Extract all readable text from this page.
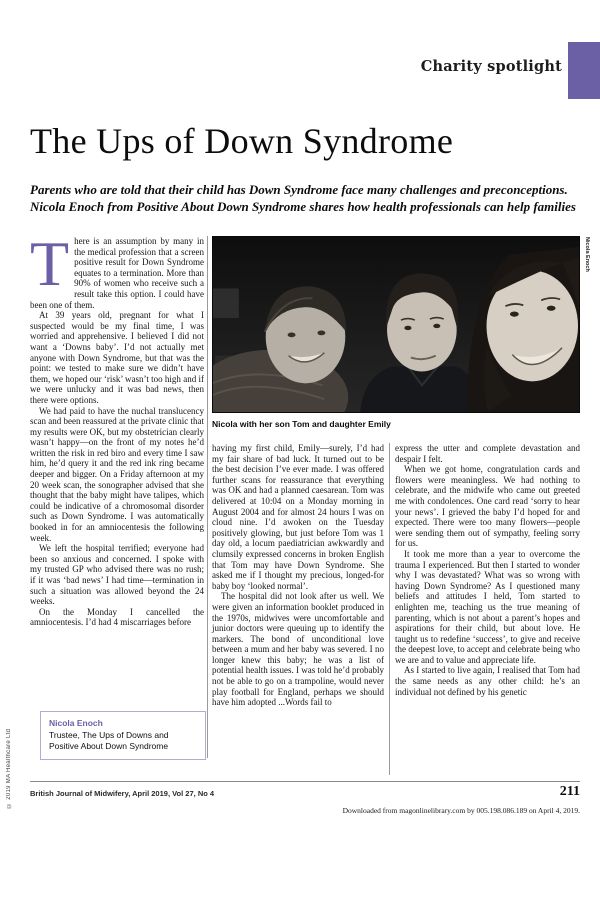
Charity spotlight
The Ups of Down Syndrome
Parents who are told that their child has Down Syndrome face many challenges and preconceptions. Nicola Enoch from Positive About Down Syndrome shares how health professionals can help families
© 2019 MA Healthcare Ltd
Nicola Enoch
Nicola with her son Tom and daughter Emily

There is an assumption by many in the medical profession that a screen positive result for Down Syndrome equates to a termination. More than 90% of women who receive such a result take this option. I could have been one of them.

At 39 years old, pregnant for what I suspected would be my final time, I was worried and apprehensive. I believed I did not want a ‘Downs baby’. I’d not actually met anyone with Down Syndrome, but that was the point: we tested to make sure we didn’t have them, we hoped our ‘risk’ wasn’t too high and if we were unlucky and it was bad news, then there were options.

We had paid to have the nuchal translucency scan and been reassured at the private clinic that my results were OK, but my obstetrician clearly wasn’t happy—on the front of my notes he’d written the risk in red biro and every time I saw him, he’d query it and the red ink ring became deeper and bigger. On a Friday afternoon at my 20 week scan, the sonographer advised that she thought that the baby might have talipes, which could be indicative of a chromosomal disorder such as Down Syndrome. I was automatically booked in for an amniocentesis the following week.

We left the hospital terrified; everyone had been so anxious and concerned. I spoke with my trusted GP who advised there was no rush; if it was ‘bad news’ I had time—termination in such a situation was allowed beyond the 24 weeks.

On the Monday I cancelled the amniocentesis. I’d had 4 miscarriages before

having my first child, Emily—surely, I’d had my fair share of bad luck. It turned out to be the best decision I’ve ever made. I was offered further scans for reassurance that everything was OK and had a planned caesarean. Tom was delivered at 10:04 on a Monday morning in August 2004 and for almost 24 hours I was on cloud nine. I’d awoken on the Tuesday positively glowing, but just before Tom was 1 day old, a locum paediatrician awkwardly and clumsily expressed concerns in broken English that Tom may have Down Syndrome. She asked me if I thought my precious, longed-for baby boy ‘looked normal’.

The hospital did not look after us well. We were given an information booklet produced in the 1970s, midwives were uncomfortable and junior doctors were queuing up to identify the markers. The bond of unconditional love between a mum and her baby was severed. I no longer knew this baby; he was a list of potential health issues. I was told he’d probably not be able to go on a trampoline, would never play football for England, perhaps we should have him adopted ...Words fail to

express the utter and complete devastation and despair I felt.

When we got home, congratulation cards and flowers were meaningless. We had nothing to celebrate, and the midwife who came out greeted me with condolences. One card read ‘sorry to hear your news’. I grieved the baby I’d hoped for and expected. There were too many flowers—people were sending them out of sympathy, feeling sorry for us.

It took me more than a year to overcome the trauma I experienced. But then I started to wonder why I was devastated? What was so wrong with having Down Syndrome? As I questioned many beliefs and attitudes I held, Tom started to enlighten me, teaching us the true meaning of parenting, which is not about a parent’s hopes and aspirations for their child, but about love. He taught us to redefine ‘success’, to give and receive the deepest love, to accept and celebrate being who we are and to value and appreciate life.

As I started to live again, I realised that Tom had the same needs as any other child: he’s an individual not defined by his genetic

Nicola Enoch

Trustee, The Ups of Downs and Positive About Down Syndrome

British Journal of Midwifery, April 2019, Vol 27, No 4	211
Downloaded from magonlinelibrary.com by 005.198.086.189 on April 4, 2019.
